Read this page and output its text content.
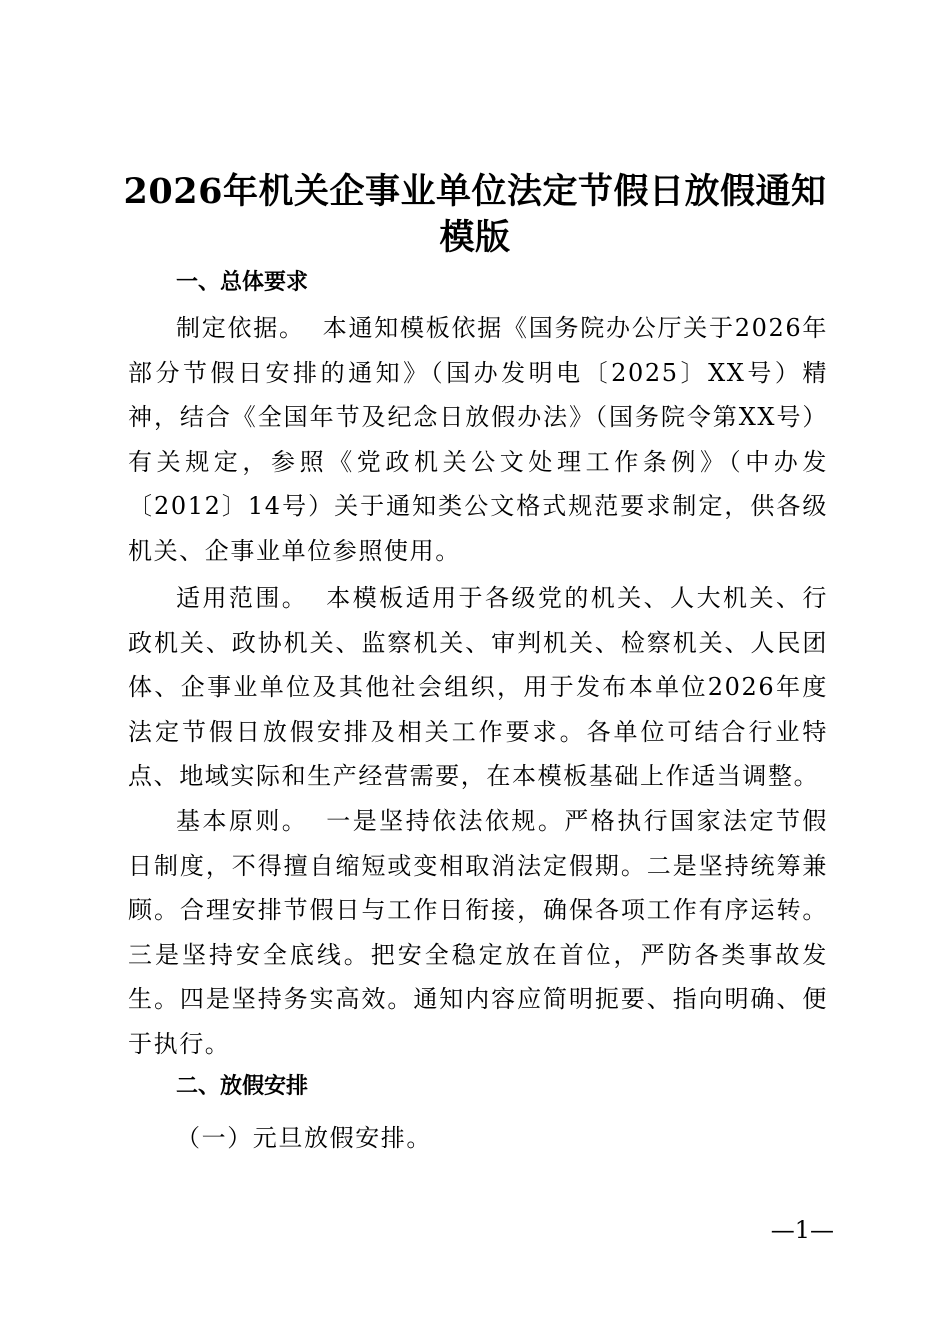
2026年机关企事业单位法定节假日放假通知
模版
一、总体要求
制定依据。 本通知模板依据《国务院办公厅关于2026年部分节假日安排的通知》（国办发明电〔2025〕XX号）精神，结合《全国年节及纪念日放假办法》（国务院令第XX号）有关规定，参照《党政机关公文处理工作条例》（中办发〔2012〕14号）关于通知类公文格式规范要求制定，供各级机关、企事业单位参照使用。
适用范围。 本模板适用于各级党的机关、人大机关、行政机关、政协机关、监察机关、审判机关、检察机关、人民团体、企事业单位及其他社会组织，用于发布本单位2026年度法定节假日放假安排及相关工作要求。各单位可结合行业特点、地域实际和生产经营需要，在本模板基础上作适当调整。
基本原则。 一是坚持依法依规。严格执行国家法定节假日制度，不得擅自缩短或变相取消法定假期。二是坚持统筹兼顾。合理安排节假日与工作日衔接，确保各项工作有序运转。三是坚持安全底线。把安全稳定放在首位，严防各类事故发生。四是坚持务实高效。通知内容应简明扼要、指向明确、便于执行。
二、放假安排
（一）元旦放假安排。
—1—
